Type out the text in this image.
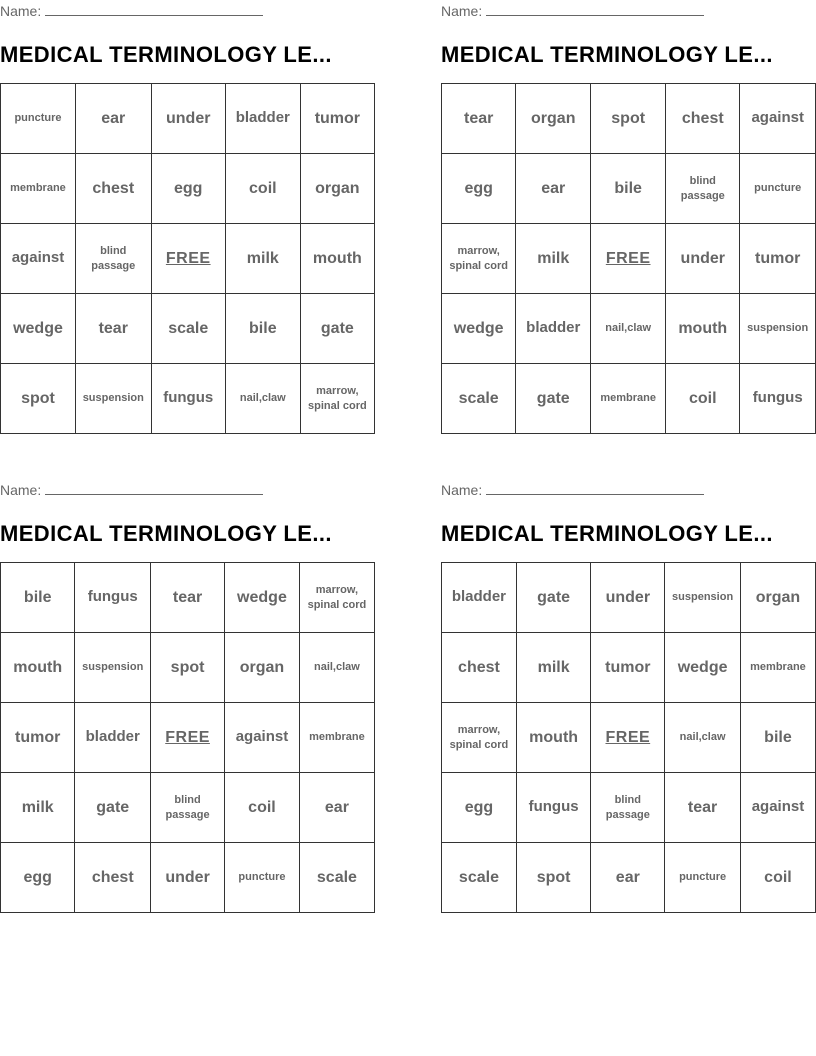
Name:
MEDICAL TERMINOLOGY LE...
puncture	ear	under	bladder	tumor
membrane	chest	egg	coil	organ
against	blind passage	FREE	milk	mouth
wedge	tear	scale	bile	gate
spot	suspension	fungus	nail,claw	marrow, spinal cord
Name:
MEDICAL TERMINOLOGY LE...
tear	organ	spot	chest	against
egg	ear	bile	blind passage	puncture
marrow, spinal cord	milk	FREE	under	tumor
wedge	bladder	nail,claw	mouth	suspension
scale	gate	membrane	coil	fungus
Name:
MEDICAL TERMINOLOGY LE...
bile	fungus	tear	wedge	marrow, spinal cord
mouth	suspension	spot	organ	nail,claw
tumor	bladder	FREE	against	membrane
milk	gate	blind passage	coil	ear
egg	chest	under	puncture	scale
Name:
MEDICAL TERMINOLOGY LE...
bladder	gate	under	suspension	organ
chest	milk	tumor	wedge	membrane
marrow, spinal cord	mouth	FREE	nail,claw	bile
egg	fungus	blind passage	tear	against
scale	spot	ear	puncture	coil
